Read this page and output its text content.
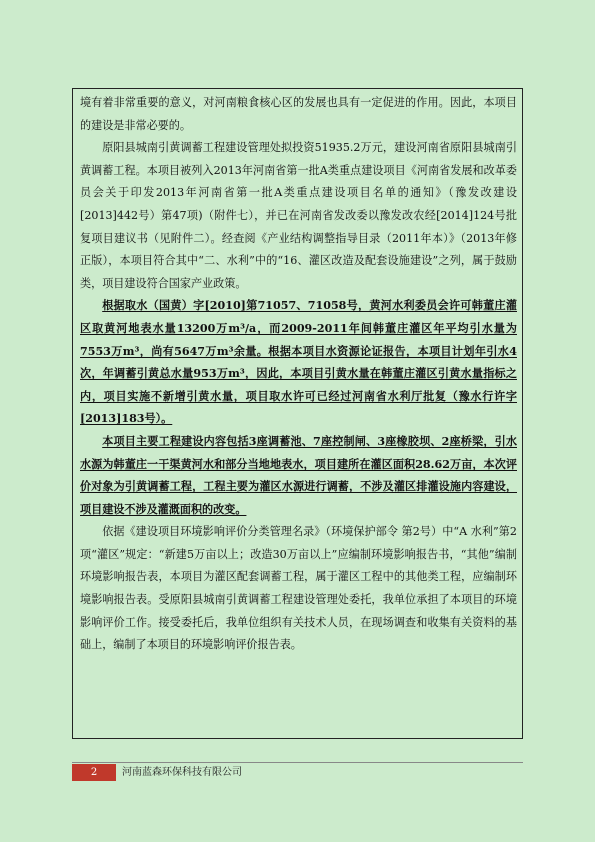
境有着非常重要的意义，对河南粮食核心区的发展也具有一定促进的作用。因此，本项目的建设是非常必要的。

原阳县城南引黄调蓄工程建设管理处拟投资51935.2万元，建设河南省原阳县城南引黄调蓄工程。本项目被列入2013年河南省第一批A类重点建设项目《河南省发展和改革委员会关于印发2013年河南省第一批A类重点建设项目名单的通知》（豫发改建设[2013]442号）第47项)（附件七），并已在河南省发改委以豫发改农经[2014]124号批复项目建议书（见附件二）。经查阅《产业结构调整指导目录（2011年本）》（2013年修正版），本项目符合其中“二、水利”中的“16、灌区改造及配套设施建设”之列，属于鼓励类，项目建设符合国家产业政策。

根据取水（国黄）字[2010]第71057、71058号，黄河水利委员会许可韩董庄灌区取黄河地表水量13200万m³/a，而2009-2011年间韩董庄灌区年平均引水量为7553万m³，尚有5647万m³余量。根据本项目水资源论证报告，本项目计划年引水4次，年调蓄引黄总水量953万m³，因此，本项目引黄水量在韩董庄灌区引黄水量指标之内，项目实施不新增引黄水量，项目取水许可已经过河南省水利厅批复（豫水行许字[2013]183号）。

本项目主要工程建设内容包括3座调蓄池、7座控制闸、3座橡胶坝、2座桥梁，引水水源为韩董庄一干渠黄河水和部分当地地表水，项目建所在灌区面积28.62万亩，本次评价对象为引黄调蓄工程，工程主要为灌区水源进行调蓄，不涉及灌区排灌设施内容建设，项目建设不涉及灌溉面积的改变。

依据《建设项目环境影响评价分类管理名录》（环境保护部令 第2号）中“A 水利”第2项“灌区”规定：“新建5万亩以上；改造30万亩以上”应编制环境影响报告书，“其他”编制环境影响报告表，本项目为灌区配套调蓄工程，属于灌区工程中的其他类工程，应编制环境影响报告表。受原阳县城南引黄调蓄工程建设管理处委托，我单位承担了本项目的环境影响评价工作。接受委托后，我单位组织有关技术人员，在现场调查和收集有关资料的基础上，编制了本项目的环境影响评价报告表。

2	河南蓝森环保科技有限公司
